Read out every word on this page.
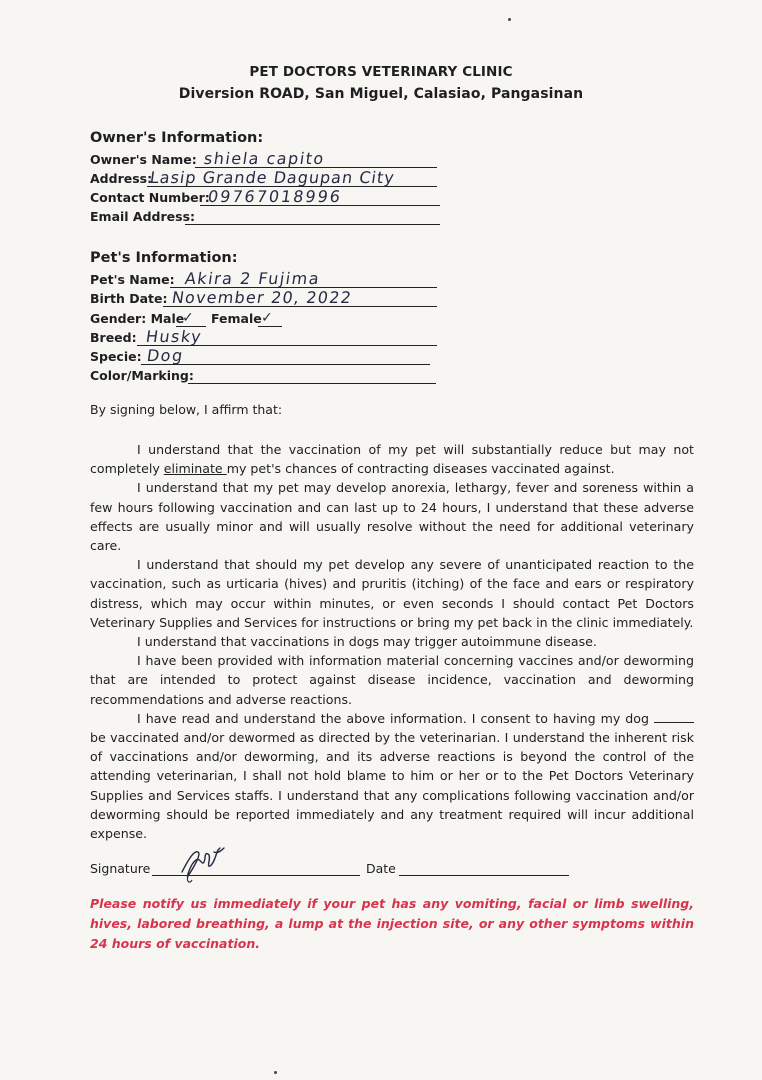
PET DOCTORS VETERINARY CLINIC
Diversion ROAD, San Miguel, Calasiao, Pangasinan
Owner's Information:
Owner's Name: shiela capito
Address:
Lasip Grande Dagupan City
Contact Number:
09767018996
Email Address:
Pet's Information:
Pet's Name: Akira 2 Fujima
Birth Date: November 20, 2022
Gender: Male
✓ Female ✓
Breed: Husky
Specie: Dog
Color/Marking:
By signing below, I affirm that:

I understand that the vaccination of my pet will substantially reduce but may not completely eliminate my pet's chances of contracting diseases vaccinated against.

I understand that my pet may develop anorexia, lethargy, fever and soreness within a few hours following vaccination and can last up to 24 hours, I understand that these adverse effects are usually minor and will usually resolve without the need for additional veterinary care.

I understand that should my pet develop any severe of unanticipated reaction to the vaccination, such as urticaria (hives) and pruritis (itching) of the face and ears or respiratory distress, which may occur within minutes, or even seconds I should contact Pet Doctors Veterinary Supplies and Services for instructions or bring my pet back in the clinic immediately.

I understand that vaccinations in dogs may trigger autoimmune disease.

I have been provided with information material concerning vaccines and/or deworming that are intended to protect against disease incidence, vaccination and deworming recommendations and adverse reactions.

I have read and understand the above information. I consent to having my dog  be vaccinated and/or dewormed as directed by the veterinarian. I understand the inherent risk of vaccinations and/or deworming, and its adverse reactions is beyond the control of the attending veterinarian, I shall not hold blame to him or her or to the Pet Doctors Veterinary Supplies and Services staffs. I understand that any complications following vaccination and/or deworming should be reported immediately and any treatment required will incur additional expense.

Signature	Date
Please notify us immediately if your pet has any vomiting, facial or limb swelling, hives, labored breathing, a lump at the injection site, or any other symptoms within 24 hours of vaccination.
